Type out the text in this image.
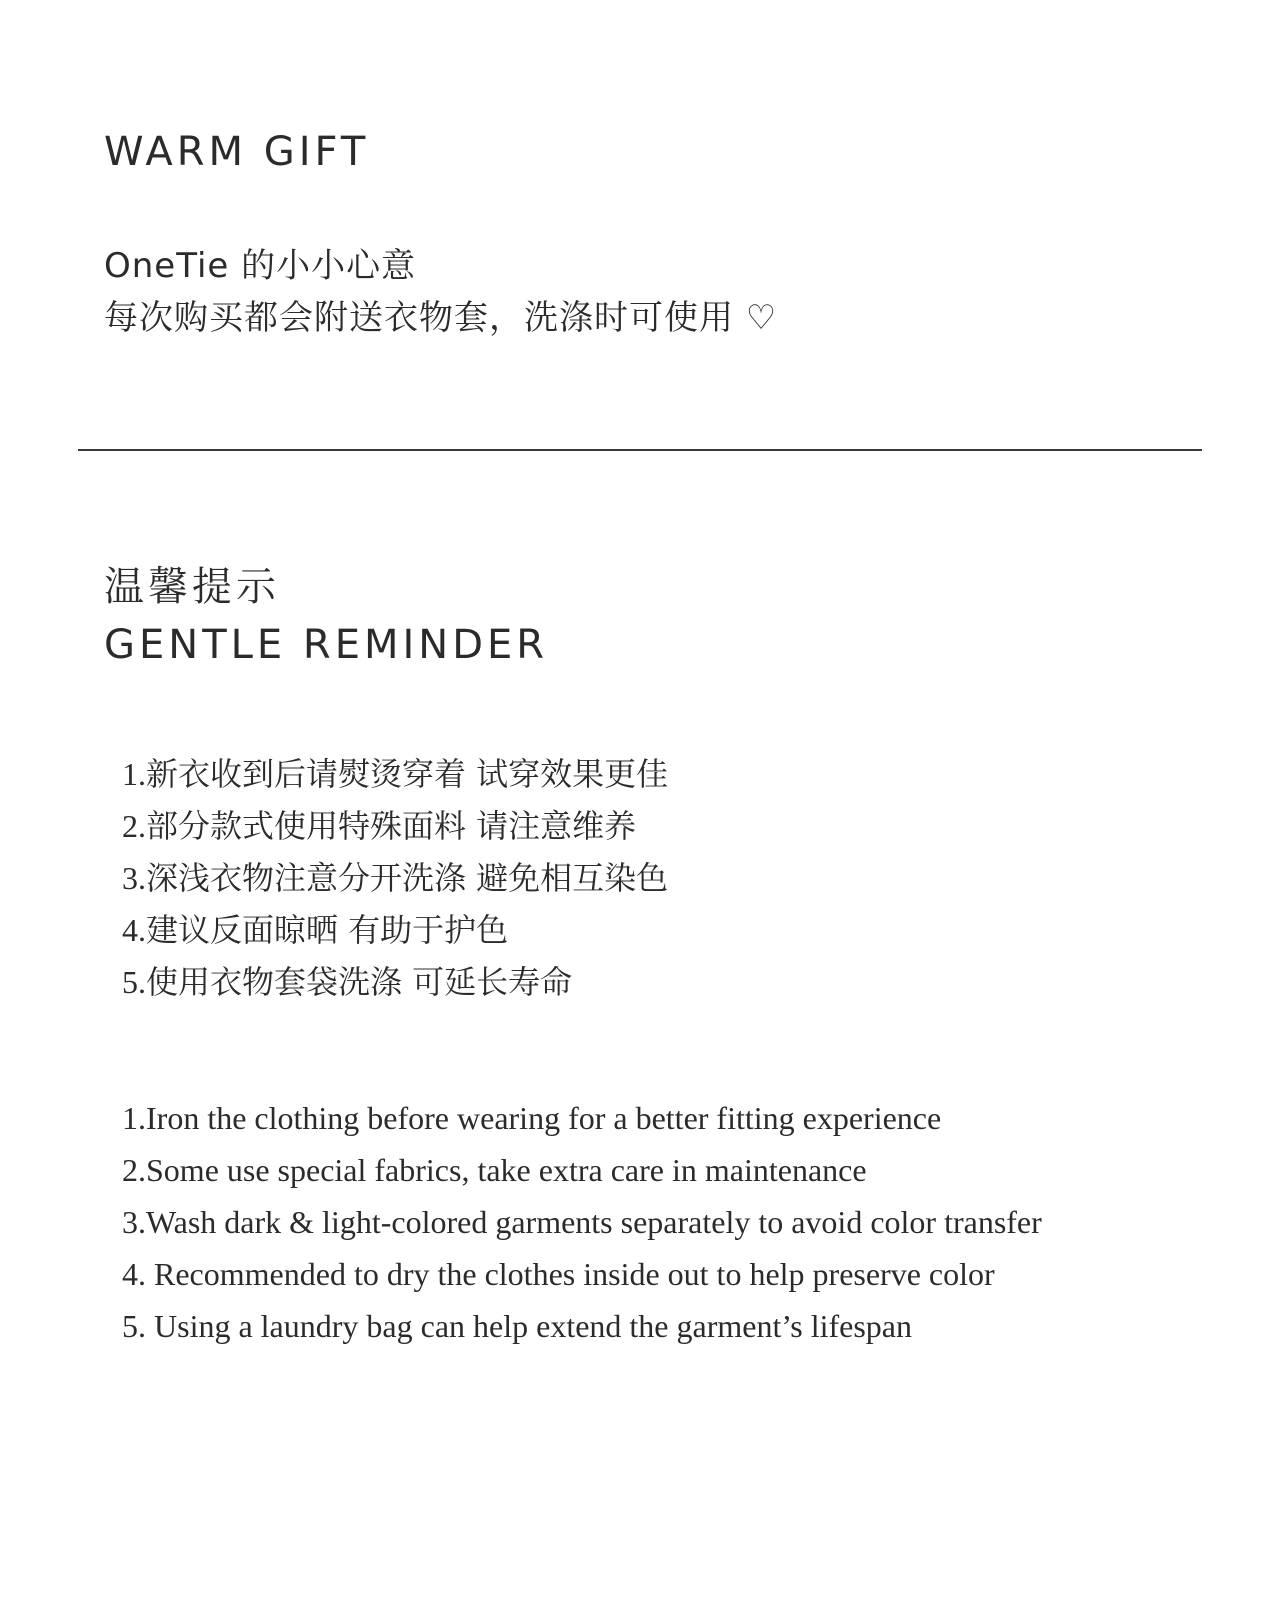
WARM GIFT
OneTie 的小小心意
每次购买都会附送衣物套，洗涤时可使用 ♡
温馨提示
GENTLE REMINDER
1.新衣收到后请熨烫穿着 试穿效果更佳
2.部分款式使用特殊面料 请注意维养
3.深浅衣物注意分开洗涤 避免相互染色
4.建议反面晾晒 有助于护色
5.使用衣物套袋洗涤 可延长寿命
1.Iron the clothing before wearing for a better fitting experience
2.Some use special fabrics, take extra care in maintenance
3.Wash dark & light-colored garments separately to avoid color transfer
4. Recommended to dry the clothes inside out to help preserve color
5. Using a laundry bag can help extend the garment’s lifespan
